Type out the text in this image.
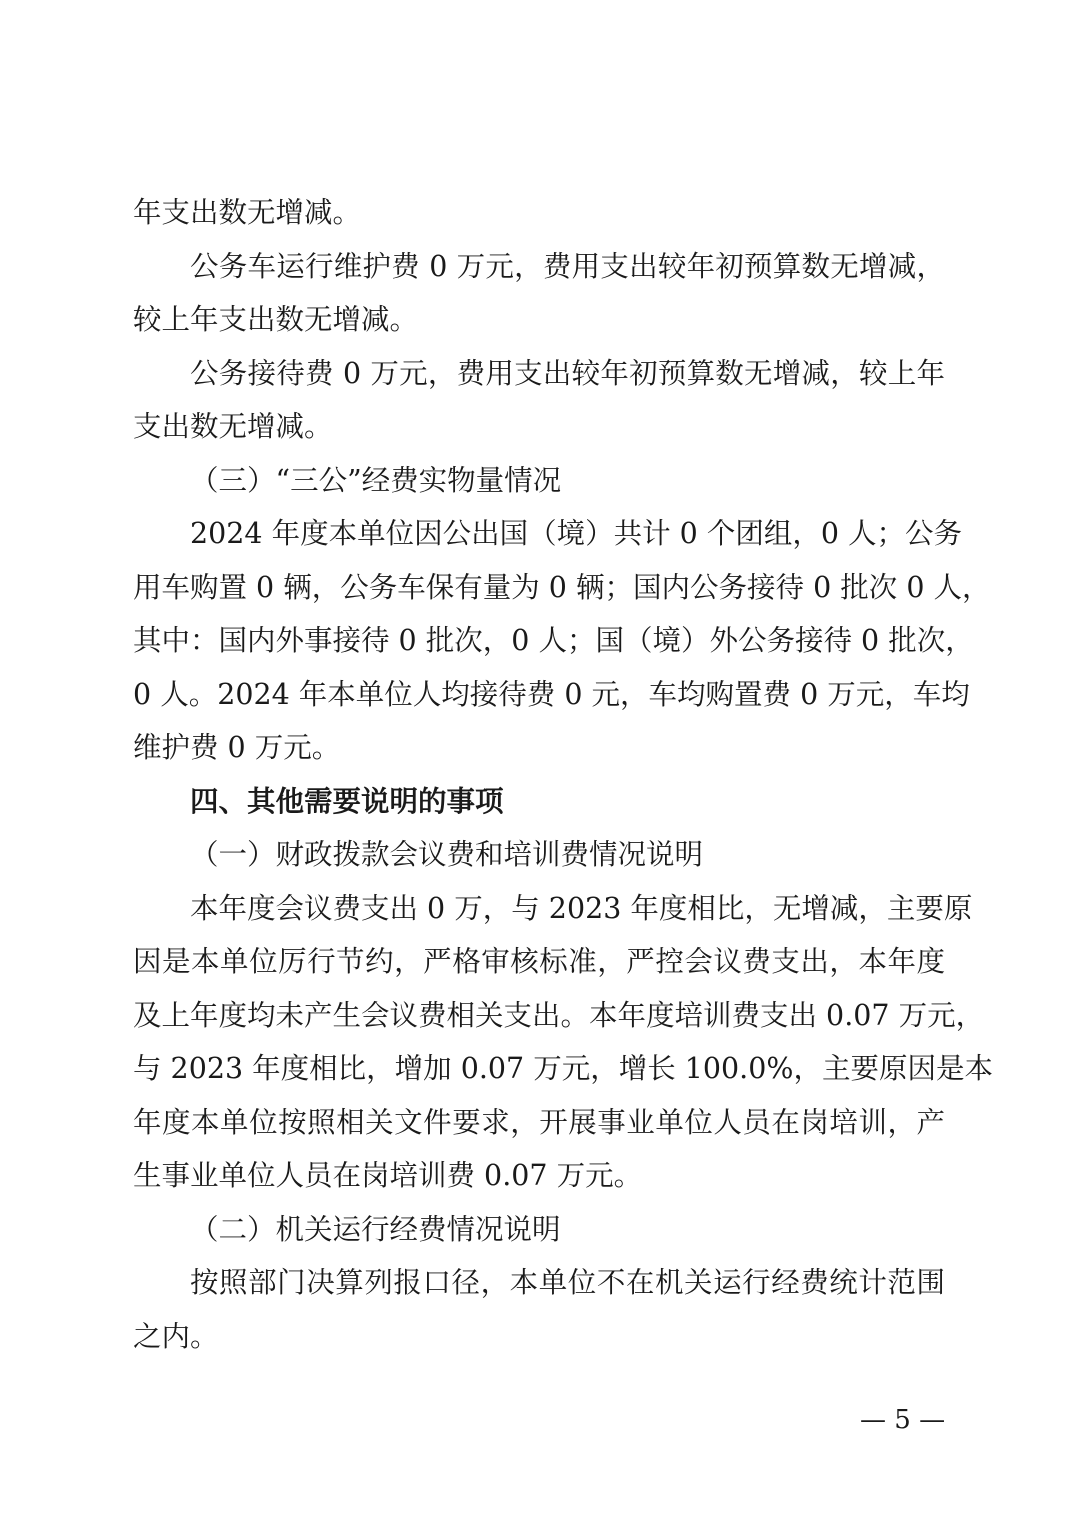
年支出数无增减。
公务车运行维护费 0 万元，费用支出较年初预算数无增减，
较上年支出数无增减。
公务接待费 0 万元，费用支出较年初预算数无增减，较上年
支出数无增减。
（三）“三公”经费实物量情况
2024 年度本单位因公出国（境）共计 0 个团组，0 人；公务
用车购置 0 辆，公务车保有量为 0 辆；国内公务接待 0 批次 0 人，
其中：国内外事接待 0 批次，0 人；国（境）外公务接待 0 批次，
0 人。2024 年本单位人均接待费 0 元，车均购置费 0 万元，车均
维护费 0 万元。
四、其他需要说明的事项
（一）财政拨款会议费和培训费情况说明
本年度会议费支出 0 万，与 2023 年度相比，无增减，主要原
因是本单位厉行节约，严格审核标准，严控会议费支出，本年度
及上年度均未产生会议费相关支出。本年度培训费支出 0.07 万元，
与 2023 年度相比，增加 0.07 万元，增长 100.0%，主要原因是本
年度本单位按照相关文件要求，开展事业单位人员在岗培训，产
生事业单位人员在岗培训费 0.07 万元。
（二）机关运行经费情况说明
按照部门决算列报口径，本单位不在机关运行经费统计范围
之内。
— 5 —
